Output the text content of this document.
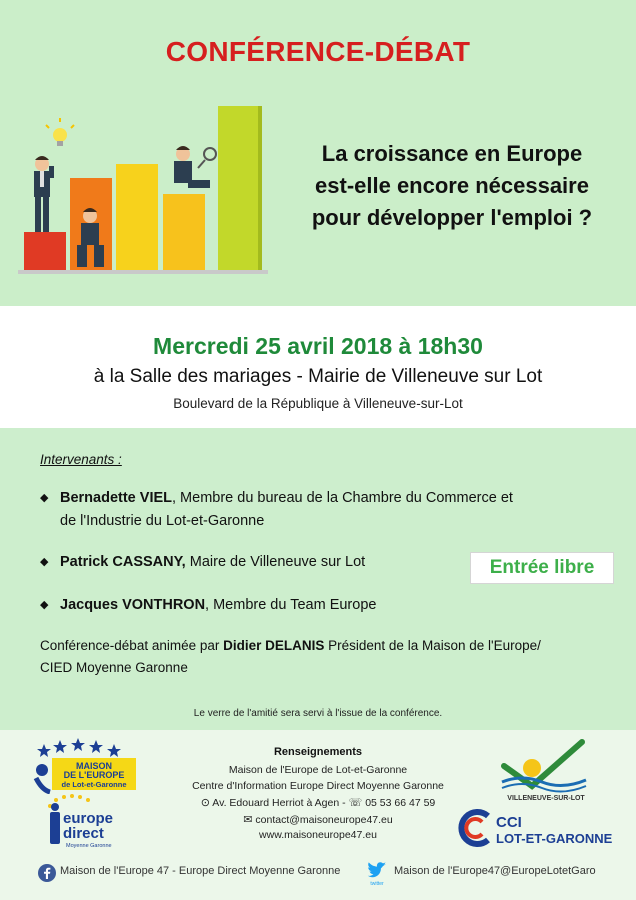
CONFÉRENCE-DÉBAT
La croissance en Europe
est-elle encore nécessaire
pour développer l'emploi ?
Mercredi 25 avril 2018 à 18h30
à la Salle des mariages - Mairie de Villeneuve sur Lot
Boulevard de la République à Villeneuve-sur-Lot
Intervenants :
◆ Bernadette VIEL, Membre du bureau de la Chambre du Commerce et
de l'Industrie du Lot-et-Garonne
◆ Patrick CASSANY, Maire de Villeneuve sur Lot
◆ Jacques VONTHRON, Membre du Team Europe
Entrée libre
Conférence-débat animée par Didier DELANIS Président de la Maison de l'Europe/
CIED Moyenne Garonne
Le verre de l'amitié sera servi à l'issue de la conférence.
Renseignements
Maison de l'Europe de Lot-et-Garonne
Centre d'Information Europe Direct Moyenne Garonne
⊙ Av. Edouard Herriot à Agen - ☏ 05 53 66 47 59
✉ contact@maisoneurope47.eu
www.maisoneurope47.eu
MAISON
DE L'EUROPE
de Lot-et-Garonne
europe
direct
Moyenne Garonne
VILLENEUVE-SUR-LOT
CCI
LOT-ET-GARONNE
Maison de l'Europe 47 - Europe Direct Moyenne Garonne
twitter
Maison de l'Europe47@EuropeLotetGaro
